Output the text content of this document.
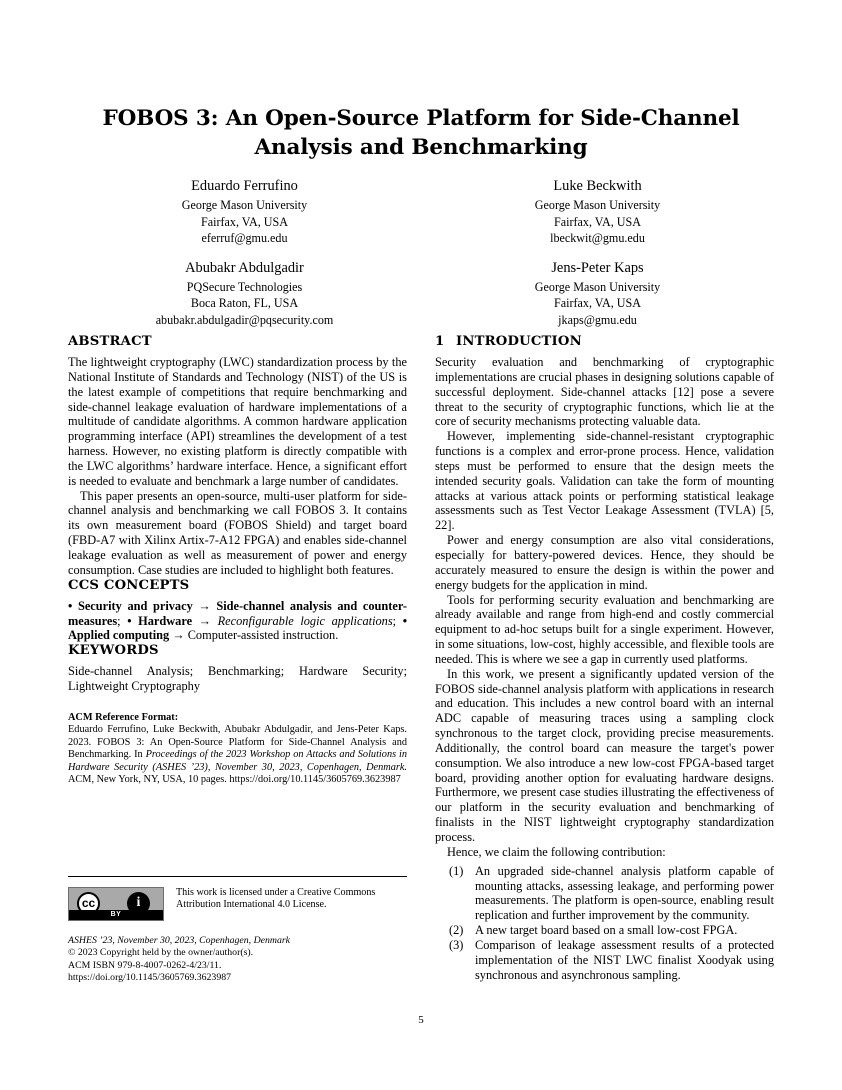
FOBOS 3: An Open-Source Platform for Side-Channel Analysis and Benchmarking
Eduardo Ferrufino
George Mason University
Fairfax, VA, USA
eferruf@gmu.edu
Luke Beckwith
George Mason University
Fairfax, VA, USA
lbeckwit@gmu.edu
Abubakr Abdulgadir
PQSecure Technologies
Boca Raton, FL, USA
abubakr.abdulgadir@pqsecurity.com
Jens-Peter Kaps
George Mason University
Fairfax, VA, USA
jkaps@gmu.edu
ABSTRACT

The lightweight cryptography (LWC) standardization process by the National Institute of Standards and Technology (NIST) of the US is the latest example of competitions that require benchmarking and side-channel leakage evaluation of hardware implementations of a multitude of candidate algorithms. A common hardware application programming interface (API) streamlines the development of a test harness. However, no existing platform is directly compatible with the LWC algorithms’ hardware interface. Hence, a significant effort is needed to evaluate and benchmark a large number of candidates.

This paper presents an open-source, multi-user platform for side-channel analysis and benchmarking we call FOBOS 3. It contains its own measurement board (FOBOS Shield) and target board (FBD-A7 with Xilinx Artix-7-A12 FPGA) and enables side-channel leakage evaluation as well as measurement of power and energy consumption. Case studies are included to highlight both features.

CCS CONCEPTS

• Security and privacy → Side-channel analysis and counter-measures; • Hardware → Reconfigurable logic applications; • Applied computing → Computer-assisted instruction.

KEYWORDS

Side-channel Analysis; Benchmarking; Hardware Security; Lightweight Cryptography

ACM Reference Format:
Eduardo Ferrufino, Luke Beckwith, Abubakr Abdulgadir, and Jens-Peter Kaps. 2023. FOBOS 3: An Open-Source Platform for Side-Channel Analysis and Benchmarking. In Proceedings of the 2023 Workshop on Attacks and Solutions in Hardware Security (ASHES ’23), November 30, 2023, Copenhagen, Denmark. ACM, New York, NY, USA, 10 pages. https://doi.org/10.1145/3605769.3623987

1 INTRODUCTION

Security evaluation and benchmarking of cryptographic implementations are crucial phases in designing solutions capable of successful deployment. Side-channel attacks [12] pose a severe threat to the security of cryptographic functions, which lie at the core of security mechanisms protecting valuable data.

However, implementing side-channel-resistant cryptographic functions is a complex and error-prone process. Hence, validation steps must be performed to ensure that the design meets the intended security goals. Validation can take the form of mounting attacks at various attack points or performing statistical leakage assessments such as Test Vector Leakage Assessment (TVLA) [5, 22].

Power and energy consumption are also vital considerations, especially for battery-powered devices. Hence, they should be accurately measured to ensure the design is within the power and energy budgets for the application in mind.

Tools for performing security evaluation and benchmarking are already available and range from high-end and costly commercial equipment to ad-hoc setups built for a single experiment. However, in some situations, low-cost, highly accessible, and flexible tools are needed. This is where we see a gap in currently used platforms.

In this work, we present a significantly updated version of the FOBOS side-channel analysis platform with applications in research and education. This includes a new control board with an internal ADC capable of measuring traces using a sampling clock synchronous to the target clock, providing precise measurements. Additionally, the control board can measure the target's power consumption. We also introduce a new low-cost FPGA-based target board, providing another option for evaluating hardware designs. Furthermore, we present case studies illustrating the effectiveness of our platform in the security evaluation and benchmarking of finalists in the NIST lightweight cryptography standardization process.

Hence, we claim the following contribution:

(1) An upgraded side-channel analysis platform capable of mounting attacks, assessing leakage, and performing power measurements. The platform is open-source, enabling result replication and further improvement by the community.
(2) A new target board based on a small low-cost FPGA.
(3) Comparison of leakage assessment results of a protected implementation of the NIST LWC finalist Xoodyak using synchronous and asynchronous sampling.
cc	i
BY
This work is licensed under a Creative Commons Attribution International 4.0 License.
ASHES ’23, November 30, 2023, Copenhagen, Denmark
© 2023 Copyright held by the owner/author(s).
ACM ISBN 979-8-4007-0262-4/23/11.
https://doi.org/10.1145/3605769.3623987
5
